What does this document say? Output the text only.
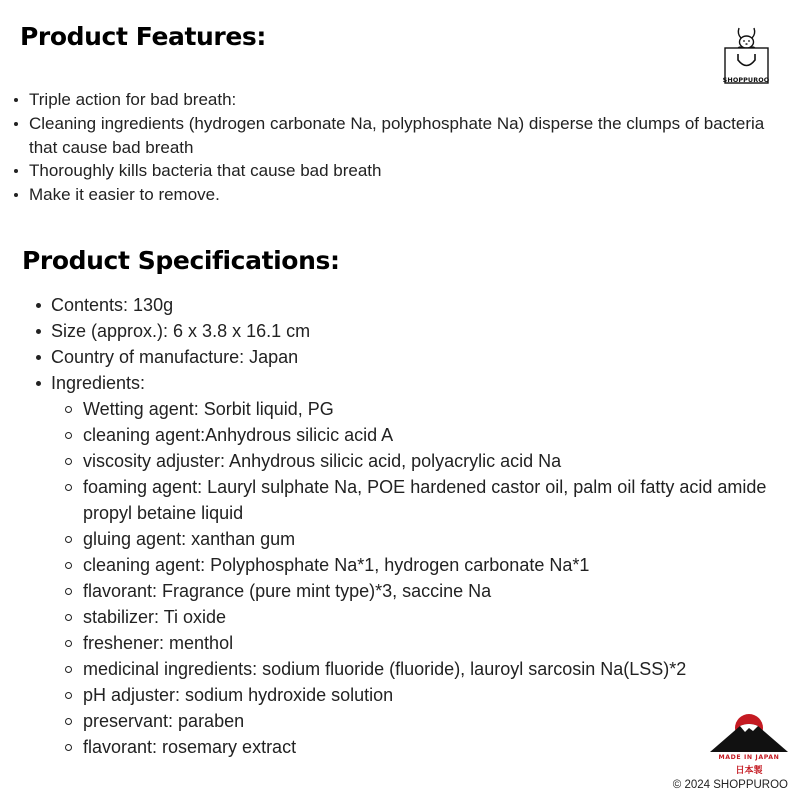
Product Features:
Triple action for bad breath:
Cleaning ingredients (hydrogen carbonate Na, polyphosphate Na) disperse the clumps of bacteria that cause bad breath
Thoroughly kills bacteria that cause bad breath
Make it easier to remove.
Product Specifications:
Contents: 130g
Size (approx.): 6 x 3.8 x 16.1 cm
Country of manufacture: Japan
Ingredients:
Wetting agent: Sorbit liquid, PG
cleaning agent:Anhydrous silicic acid A
viscosity adjuster: Anhydrous silicic acid, polyacrylic acid Na
foaming agent: Lauryl sulphate Na, POE hardened castor oil, palm oil fatty acid amide propyl betaine liquid
gluing agent: xanthan gum
cleaning agent: Polyphosphate Na*1, hydrogen carbonate Na*1
flavorant: Fragrance (pure mint type)*3, saccine Na
stabilizer: Ti oxide
freshener: menthol
medicinal ingredients: sodium fluoride (fluoride), lauroyl sarcosin Na(LSS)*2
pH adjuster: sodium hydroxide solution
preservant: paraben
flavorant: rosemary extract
SHOPPUROO
MADE IN JAPAN
日本製
© 2024 SHOPPUROO
